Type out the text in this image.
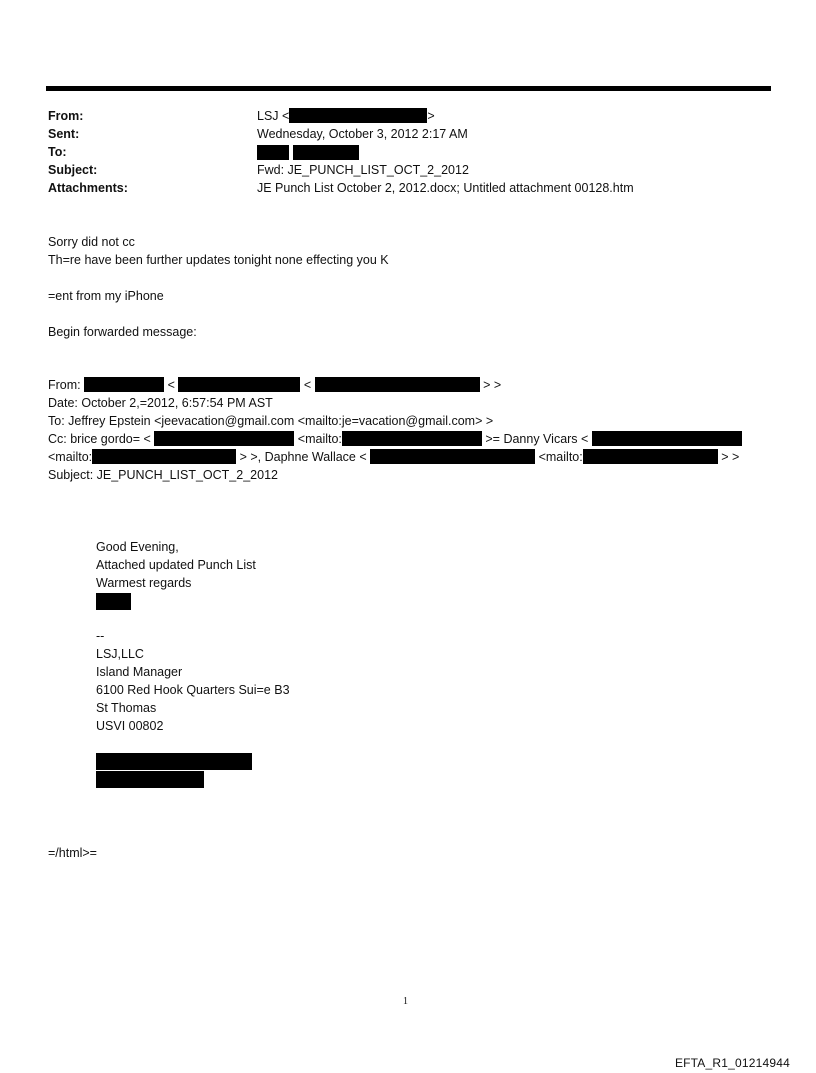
From:	LSJ <	>
Sent:	Wednesday, October 3, 2012 2:17 AM
To:
Subject:	Fwd: JE_PUNCH_LIST_OCT_2_2012
Attachments:	JE Punch List October 2, 2012.docx; Untitled attachment 00128.htm
Sorry did not cc
Th=re have been further updates tonight none effecting you K
=ent from my iPhone
Begin forwarded message:
From:	<	<	> >
Date: October 2,=2012, 6:57:54 PM AST
To: Jeffrey Epstein <jeevacation@gmail.com <mailto:je=vacation@gmail.com> >
Cc: brice gordo= <	<mailto:	>= Danny Vicars <
<mailto:	> >, Daphne Wallace <	<mailto:	> >
Subject: JE_PUNCH_LIST_OCT_2_2012
Good Evening,
Attached updated Punch List
Warmest regards
--
LSJ,LLC
Island Manager
6100 Red Hook Quarters Sui=e B3
St Thomas
USVI 00802
=/html>=
1
EFTA_R1_01214944
